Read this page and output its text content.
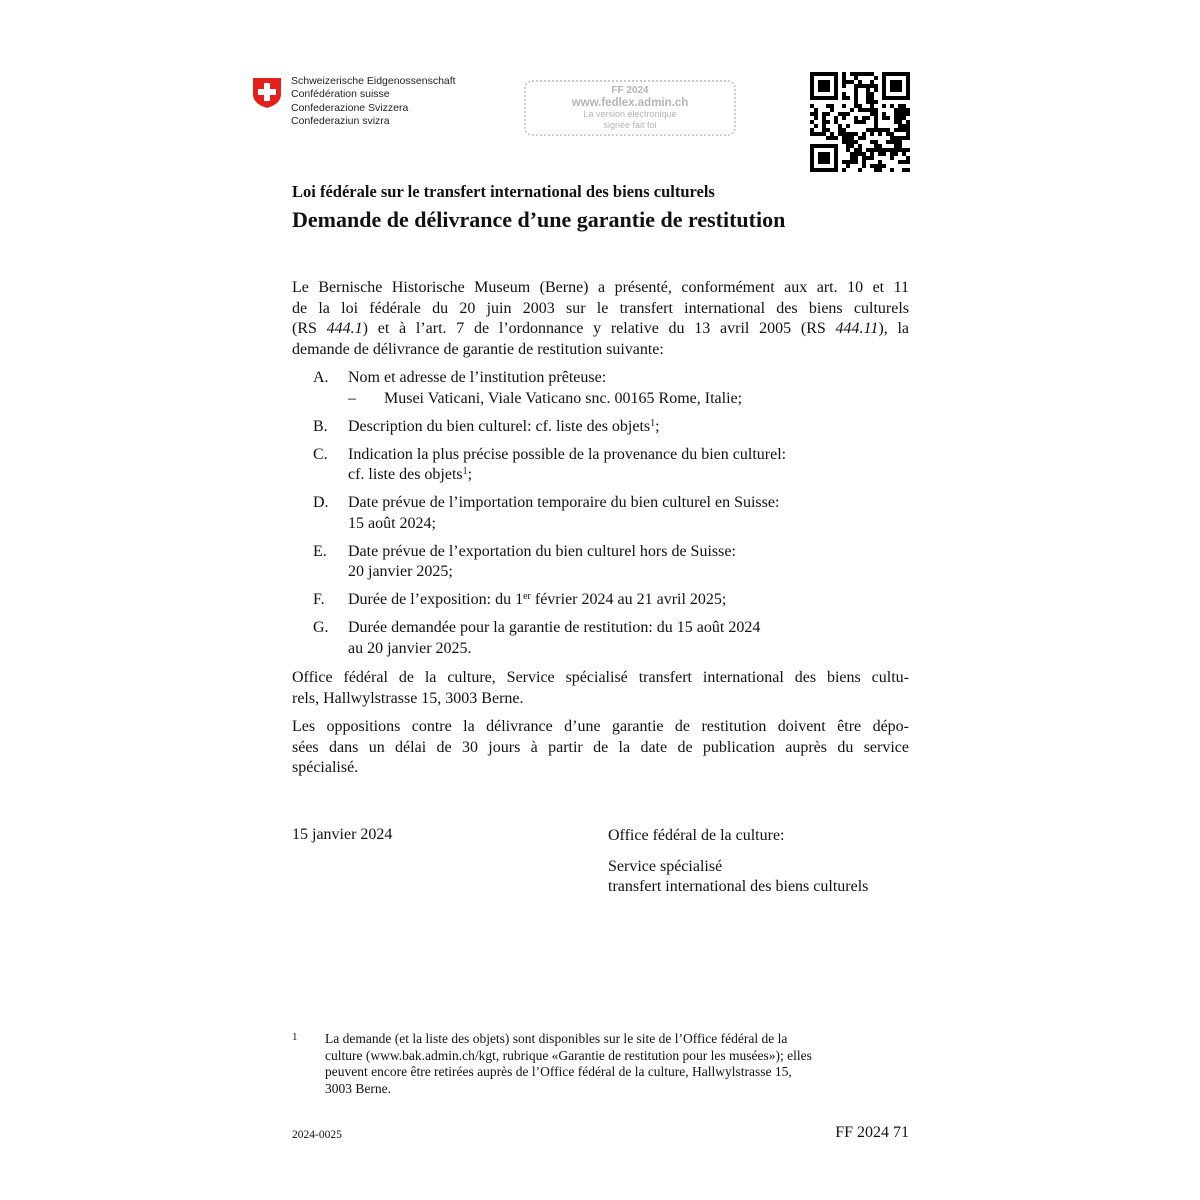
Schweizerische Eidgenossenschaft
Confédération suisse
Confederazione Svizzera
Confederaziun svizra
FF 2024
www.fedlex.admin.ch
La version électronique
signée fait foi
Loi fédérale sur le transfert international des biens culturels
Demande de délivrance d’une garantie de restitution

Le Bernische Historische Museum (Berne) a présenté, conformément aux art. 10 et 11
de la loi fédérale du 20 juin 2003 sur le transfert international des biens culturels
(RS 444.1) et à l’art. 7 de l’ordonnance y relative du 13 avril 2005 (RS 444.11), la
demande de délivrance de garantie de restitution suivante:

A. Nom et adresse de l’institution prêteuse:
– Musei Vaticani, Viale Vaticano snc. 00165 Rome, Italie;
B. Description du bien culturel: cf. liste des objets$^1$;
C. Indication la plus précise possible de la provenance du bien culturel:
cf. liste des objets$^1$;
D. Date prévue de l’importation temporaire du bien culturel en Suisse:
15 août 2024;
E. Date prévue de l’exportation du bien culturel hors de Suisse:
20 janvier 2025;
F. Durée de l’exposition: du 1er février 2024 au 21 avril 2025;
G. Durée demandée pour la garantie de restitution: du 15 août 2024
au 20 janvier 2025.

Office fédéral de la culture, Service spécialisé transfert international des biens cultu-
rels, Hallwylstrasse 15, 3003 Berne.

Les oppositions contre la délivrance d’une garantie de restitution doivent être dépo-
sées dans un délai de 30 jours à partir de la date de publication auprès du service
spécialisé.

15 janvier 2024	Office fédéral de la culture:
Service spécialisé
transfert international des biens culturels
1 La demande (et la liste des objets) sont disponibles sur le site de l’Office fédéral de la
culture (www.bak.admin.ch/kgt, rubrique «Garantie de restitution pour les musées»); elles
peuvent encore être retirées auprès de l’Office fédéral de la culture, Hallwylstrasse 15,
3003 Berne.
2024-0025	FF 2024 71
